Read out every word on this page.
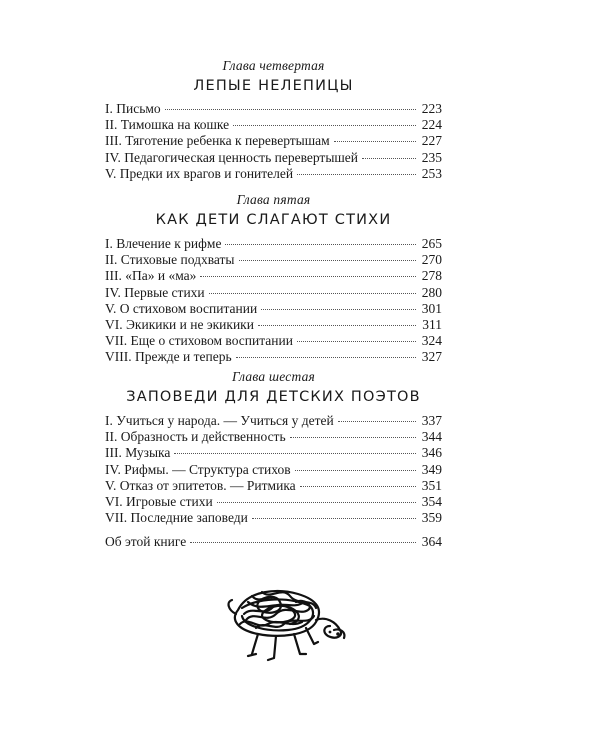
Глава четвертая
ЛЕПЫЕ НЕЛЕПИЦЫ
I. Письмо	223
II. Тимошка на кошке	224
III. Тяготение ребенка к перевертышам	227
IV. Педагогическая ценность перевертышей	235
V. Предки их врагов и гонителей	253
Глава пятая
КАК ДЕТИ СЛАГАЮТ СТИХИ
I. Влечение к рифме	265
II. Стиховые подхваты	270
III. «Па» и «ма»	278
IV. Первые стихи	280
V. О стиховом воспитании	301
VI. Экикики и не экикики	311
VII. Еще о стиховом воспитании	324
VIII. Прежде и теперь	327
Глава шестая
ЗАПОВЕДИ ДЛЯ ДЕТСКИХ ПОЭТОВ
I. Учиться у народа. — Учиться у детей	337
II. Образность и действенность	344
III. Музыка	346
IV. Рифмы. — Структура стихов	349
V. Отказ от эпитетов. — Ритмика	351
VI. Игровые стихи	354
VII. Последние заповеди	359
Об этой книге	364
